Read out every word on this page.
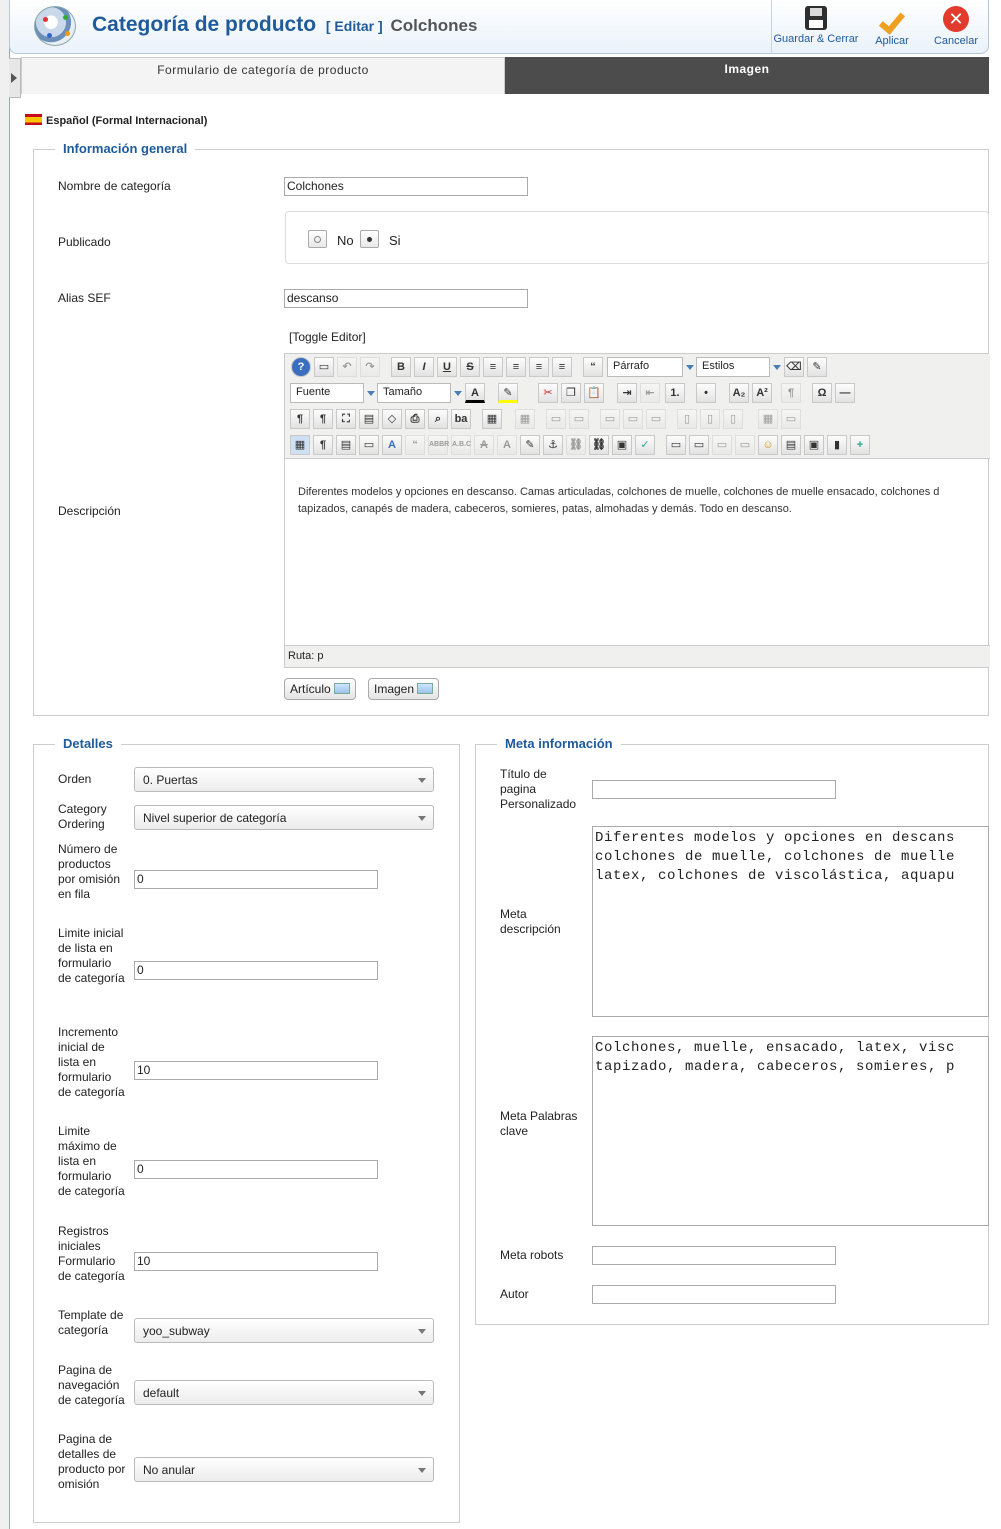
Categoría de producto [ Editar ] Colchones
Guardar & Cerrar	Aplicar
✕
Cancelar
Formulario de categoría de producto	Imagen
Español (Formal Internacional)
Información general
Nombre de categoría	Colchones
Publicado	No	Si
Alias SEF	descanso
[Toggle Editor]
Descripción
?	▭	↶	↷	B	I	U	S	≡	≡	≡	≡	“	Párrafo	Estilos	⌫ ✎
Fuente	Tamaño	A	✎	✂	❐	📋	⇥	⇤	1.	•	A₂ A²	¶	Ω	—
¶	¶	⛶	▤	◇	⎙	⌕	ba	▦	▦	▭	▭	▭	▭	▭	▯	▯	▯	▦	▭
▦	¶	▤	▭	A	“	ABBR A.B.C A	A	✎	⚓	⛓ ⛓ ▣	✓	▭	▭	▭	▭	☺	▤	▣	▮	+
Diferentes modelos y opciones en descanso. Camas articuladas, colchones de muelle, colchones de muelle ensacado, colchones d
tapizados, canapés de madera, cabeceros, somieres, patas, almohadas y demás. Todo en descanso.
Ruta: p
Artículo	Imagen
Detalles
Orden	0. Puertas
Category Ordering	Nivel superior de categoría
Número de productos por omisión en fila
0
Limite inicial de lista en formulario de categoría
0
Incremento inicial de lista en formulario de categoría
10
Limite máximo de lista en formulario de categoría
0
Registros iniciales Formulario de categoría
10
Template de categoría	yoo_subway
Pagina de navegación de categoría	default
Pagina de detalles de producto por omisión
No anular
Meta información
Título de pagina Personalizado
Meta descripción
Diferentes modelos y opciones en descans
colchones de muelle, colchones de muelle
latex, colchones de viscolástica, aquapu
Meta Palabras clave
Colchones, muelle, ensacado, latex, visc
tapizado, madera, cabeceros, somieres, p
Meta robots
Autor
